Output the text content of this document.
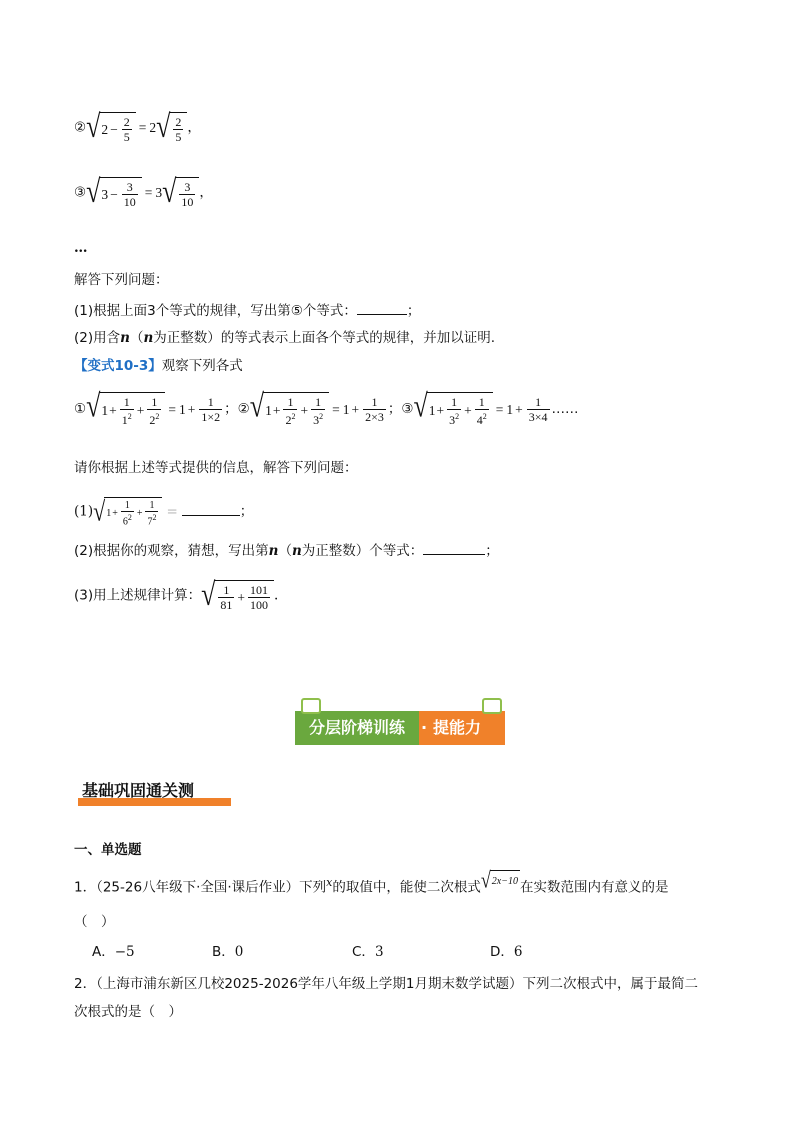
② √ $2 - \frac{2}{5} = 2$ √ $\frac{2}{5}$ ，
③ √ $3 - \frac{3}{10} = 3$ √ $\frac{3}{10}$ ，
…
解答下列问题：
(1)根据上面3个等式的规律，写出第⑤个等式：	；
(2)用含n（n为正整数）的等式表示上面各个等式的规律，并加以证明.
【变式10-3】观察下列各式
① √ $1 + \frac{1}{1^2} + \frac{1}{2^2} = 1 + \frac{1}{1\times 2}$ ；② √ $1 + \frac{1}{2^2} + \frac{1}{3^2} = 1 + \frac{1}{2\times 3}$ ；③ √ $1 + \frac{1}{3^2} + \frac{1}{4^2} = 1 + \frac{1}{3\times 4}$ ……
请你根据上述等式提供的信息，解答下列问题：
(1) √ $1 + \frac{1}{6^2} + \frac{1}{7^2}$ =	；
(2)根据你的观察，猜想，写出第n（n为正整数）个等式：	；
(3)用上述规律计算： √ $\frac{1}{81} + \frac{101}{100}$ .
分层阶梯训练 · 提能力
基础巩固通关测
一、单选题
1．（25-26八年级下·全国·课后作业）下列$^x$的取值中，能使二次根式 √ 2x−10 在实数范围内有意义的是
（　）
A．−5	B．0	C．3	D．6
2．（上海市浦东新区几校2025-2026学年八年级上学期1月期末数学试题）下列二次根式中，属于最简二
次根式的是（　）
